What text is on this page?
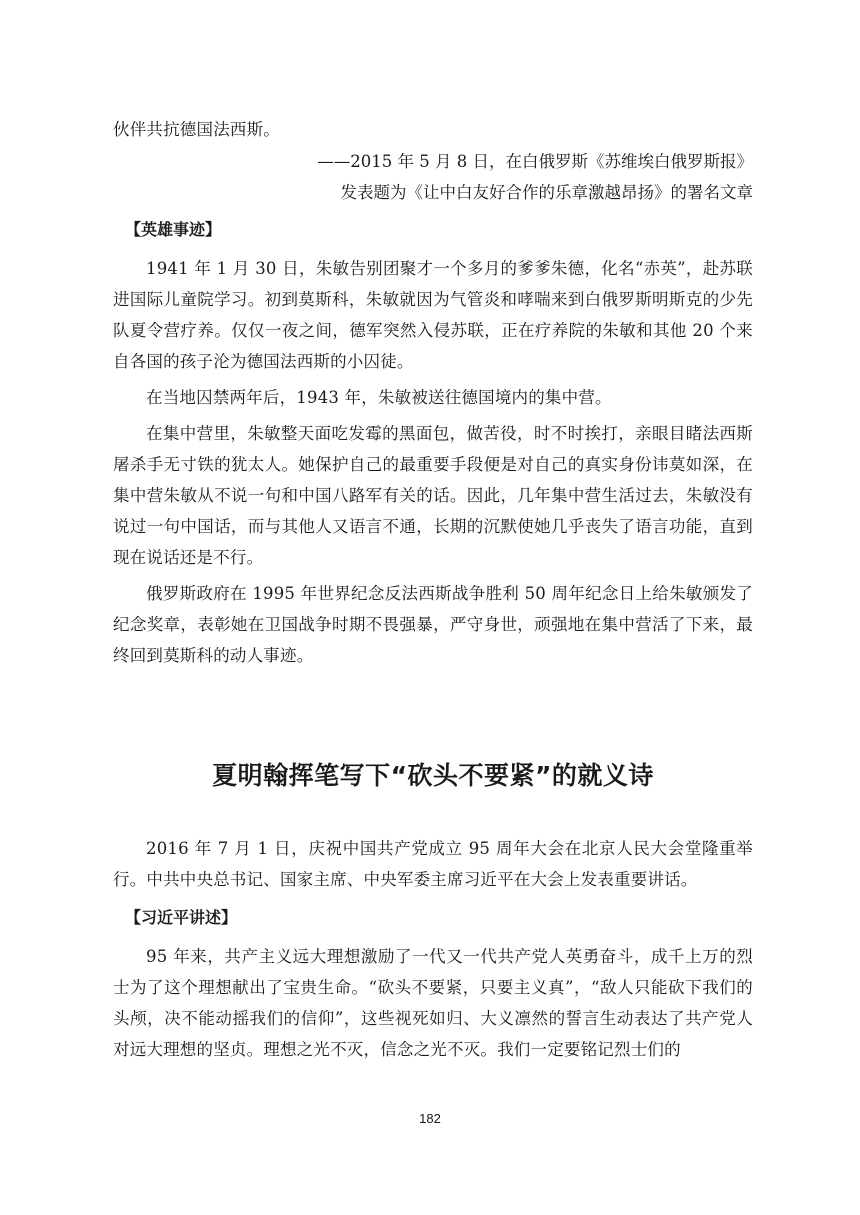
伙伴共抗德国法西斯。

——2015 年 5 月 8 日，在白俄罗斯《苏维埃白俄罗斯报》

发表题为《让中白友好合作的乐章激越昂扬》的署名文章

【英雄事迹】

1941 年 1 月 30 日，朱敏告别团聚才一个多月的爹爹朱德，化名“赤英”，赴苏联进国际儿童院学习。初到莫斯科，朱敏就因为气管炎和哮喘来到白俄罗斯明斯克的少先队夏令营疗养。仅仅一夜之间，德军突然入侵苏联，正在疗养院的朱敏和其他 20 个来自各国的孩子沦为德国法西斯的小囚徒。

在当地囚禁两年后，1943 年，朱敏被送往德国境内的集中营。

在集中营里，朱敏整天面吃发霉的黑面包，做苦役，时不时挨打，亲眼目睹法西斯屠杀手无寸铁的犹太人。她保护自己的最重要手段便是对自己的真实身份讳莫如深，在集中营朱敏从不说一句和中国八路军有关的话。因此，几年集中营生活过去，朱敏没有说过一句中国话，而与其他人又语言不通，长期的沉默使她几乎丧失了语言功能，直到现在说话还是不行。

俄罗斯政府在 1995 年世界纪念反法西斯战争胜利 50 周年纪念日上给朱敏颁发了纪念奖章，表彰她在卫国战争时期不畏强暴，严守身世，顽强地在集中营活了下来，最终回到莫斯科的动人事迹。

夏明翰挥笔写下“砍头不要紧”的就义诗

2016 年 7 月 1 日，庆祝中国共产党成立 95 周年大会在北京人民大会堂隆重举行。中共中央总书记、国家主席、中央军委主席习近平在大会上发表重要讲话。

【习近平讲述】

95 年来，共产主义远大理想激励了一代又一代共产党人英勇奋斗，成千上万的烈士为了这个理想献出了宝贵生命。“砍头不要紧，只要主义真”，“敌人只能砍下我们的头颅，决不能动摇我们的信仰”，这些视死如归、大义凛然的誓言生动表达了共产党人对远大理想的坚贞。理想之光不灭，信念之光不灭。我们一定要铭记烈士们的

182
